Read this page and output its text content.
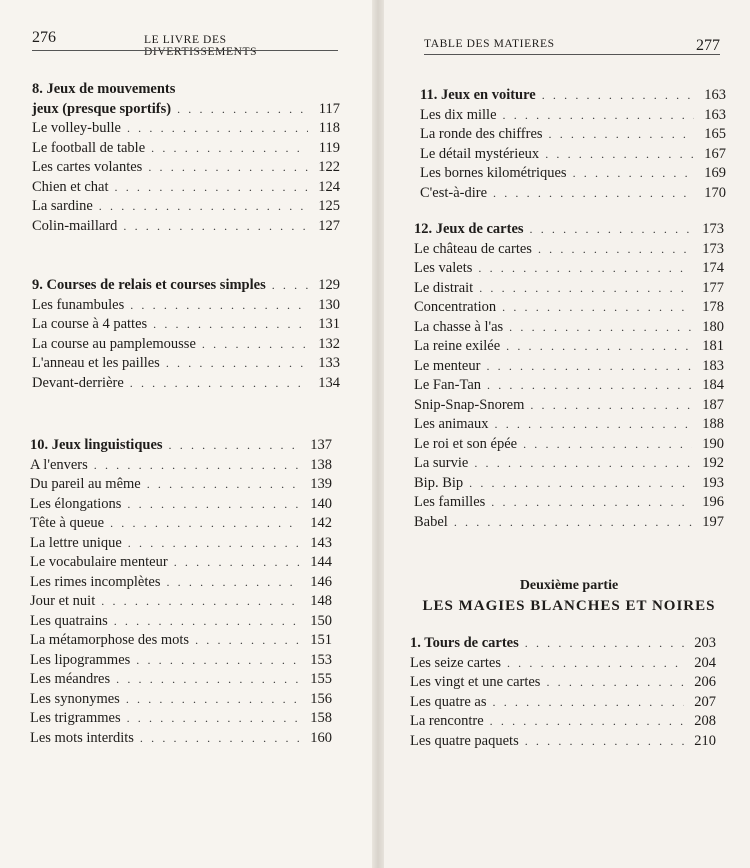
276	LE LIVRE DES DIVERTISSEMENTS
8. Jeux de mouvements
jeux (presque sportifs) . . .	117
Le volley-bulle . . .	118
Le football de table . . .	119
Les cartes volantes . . .	122
Chien et chat . . .	124
La sardine . . .	125
Colin-maillard . . .	127
9. Courses de relais et courses simples . . .	129
Les funambules . . .	130
La course à 4 pattes . . .	131
La course au pamplemousse . . .	132
L'anneau et les pailles . . .	133
Devant-derrière . . .	134
10. Jeux linguistiques . . .	137
A l'envers . . .	138
Du pareil au même . . .	139
Les élongations . . .	140
Tête à queue . . .	142
La lettre unique . . .	143
Le vocabulaire menteur . . .	144
Les rimes incomplètes . . .	146
Jour et nuit . . .	148
Les quatrains . . .	150
La métamorphose des mots . . .	151
Les lipogrammes . . .	153
Les méandres . . .	155
Les synonymes . . .	156
Les trigrammes . . .	158
Les mots interdits . . .	160
TABLE DES MATIERES	277
11. Jeux en voiture . . .	163
Les dix mille . . .	163
La ronde des chiffres . . .	165
Le détail mystérieux . . .	167
Les bornes kilométriques . . .	169
C'est-à-dire . . .	170
12. Jeux de cartes . . .	173
Le château de cartes . . .	173
Les valets . . .	174
Le distrait . . .	177
Concentration . . .	178
La chasse à l'as . . .	180
La reine exilée . . .	181
Le menteur . . .	183
Le Fan-Tan . . .	184
Snip-Snap-Snorem . . .	187
Les animaux . . .	188
Le roi et son épée . . .	190
La survie . . .	192
Bip. Bip . . .	193
Les familles . . .	196
Babel . . .	197
Deuxième partie
LES MAGIES BLANCHES ET NOIRES
1. Tours de cartes . . .	203
Les seize cartes . . .	204
Les vingt et une cartes . . .	206
Les quatre as . . .	207
La rencontre . . .	208
Les quatre paquets . . .	210
